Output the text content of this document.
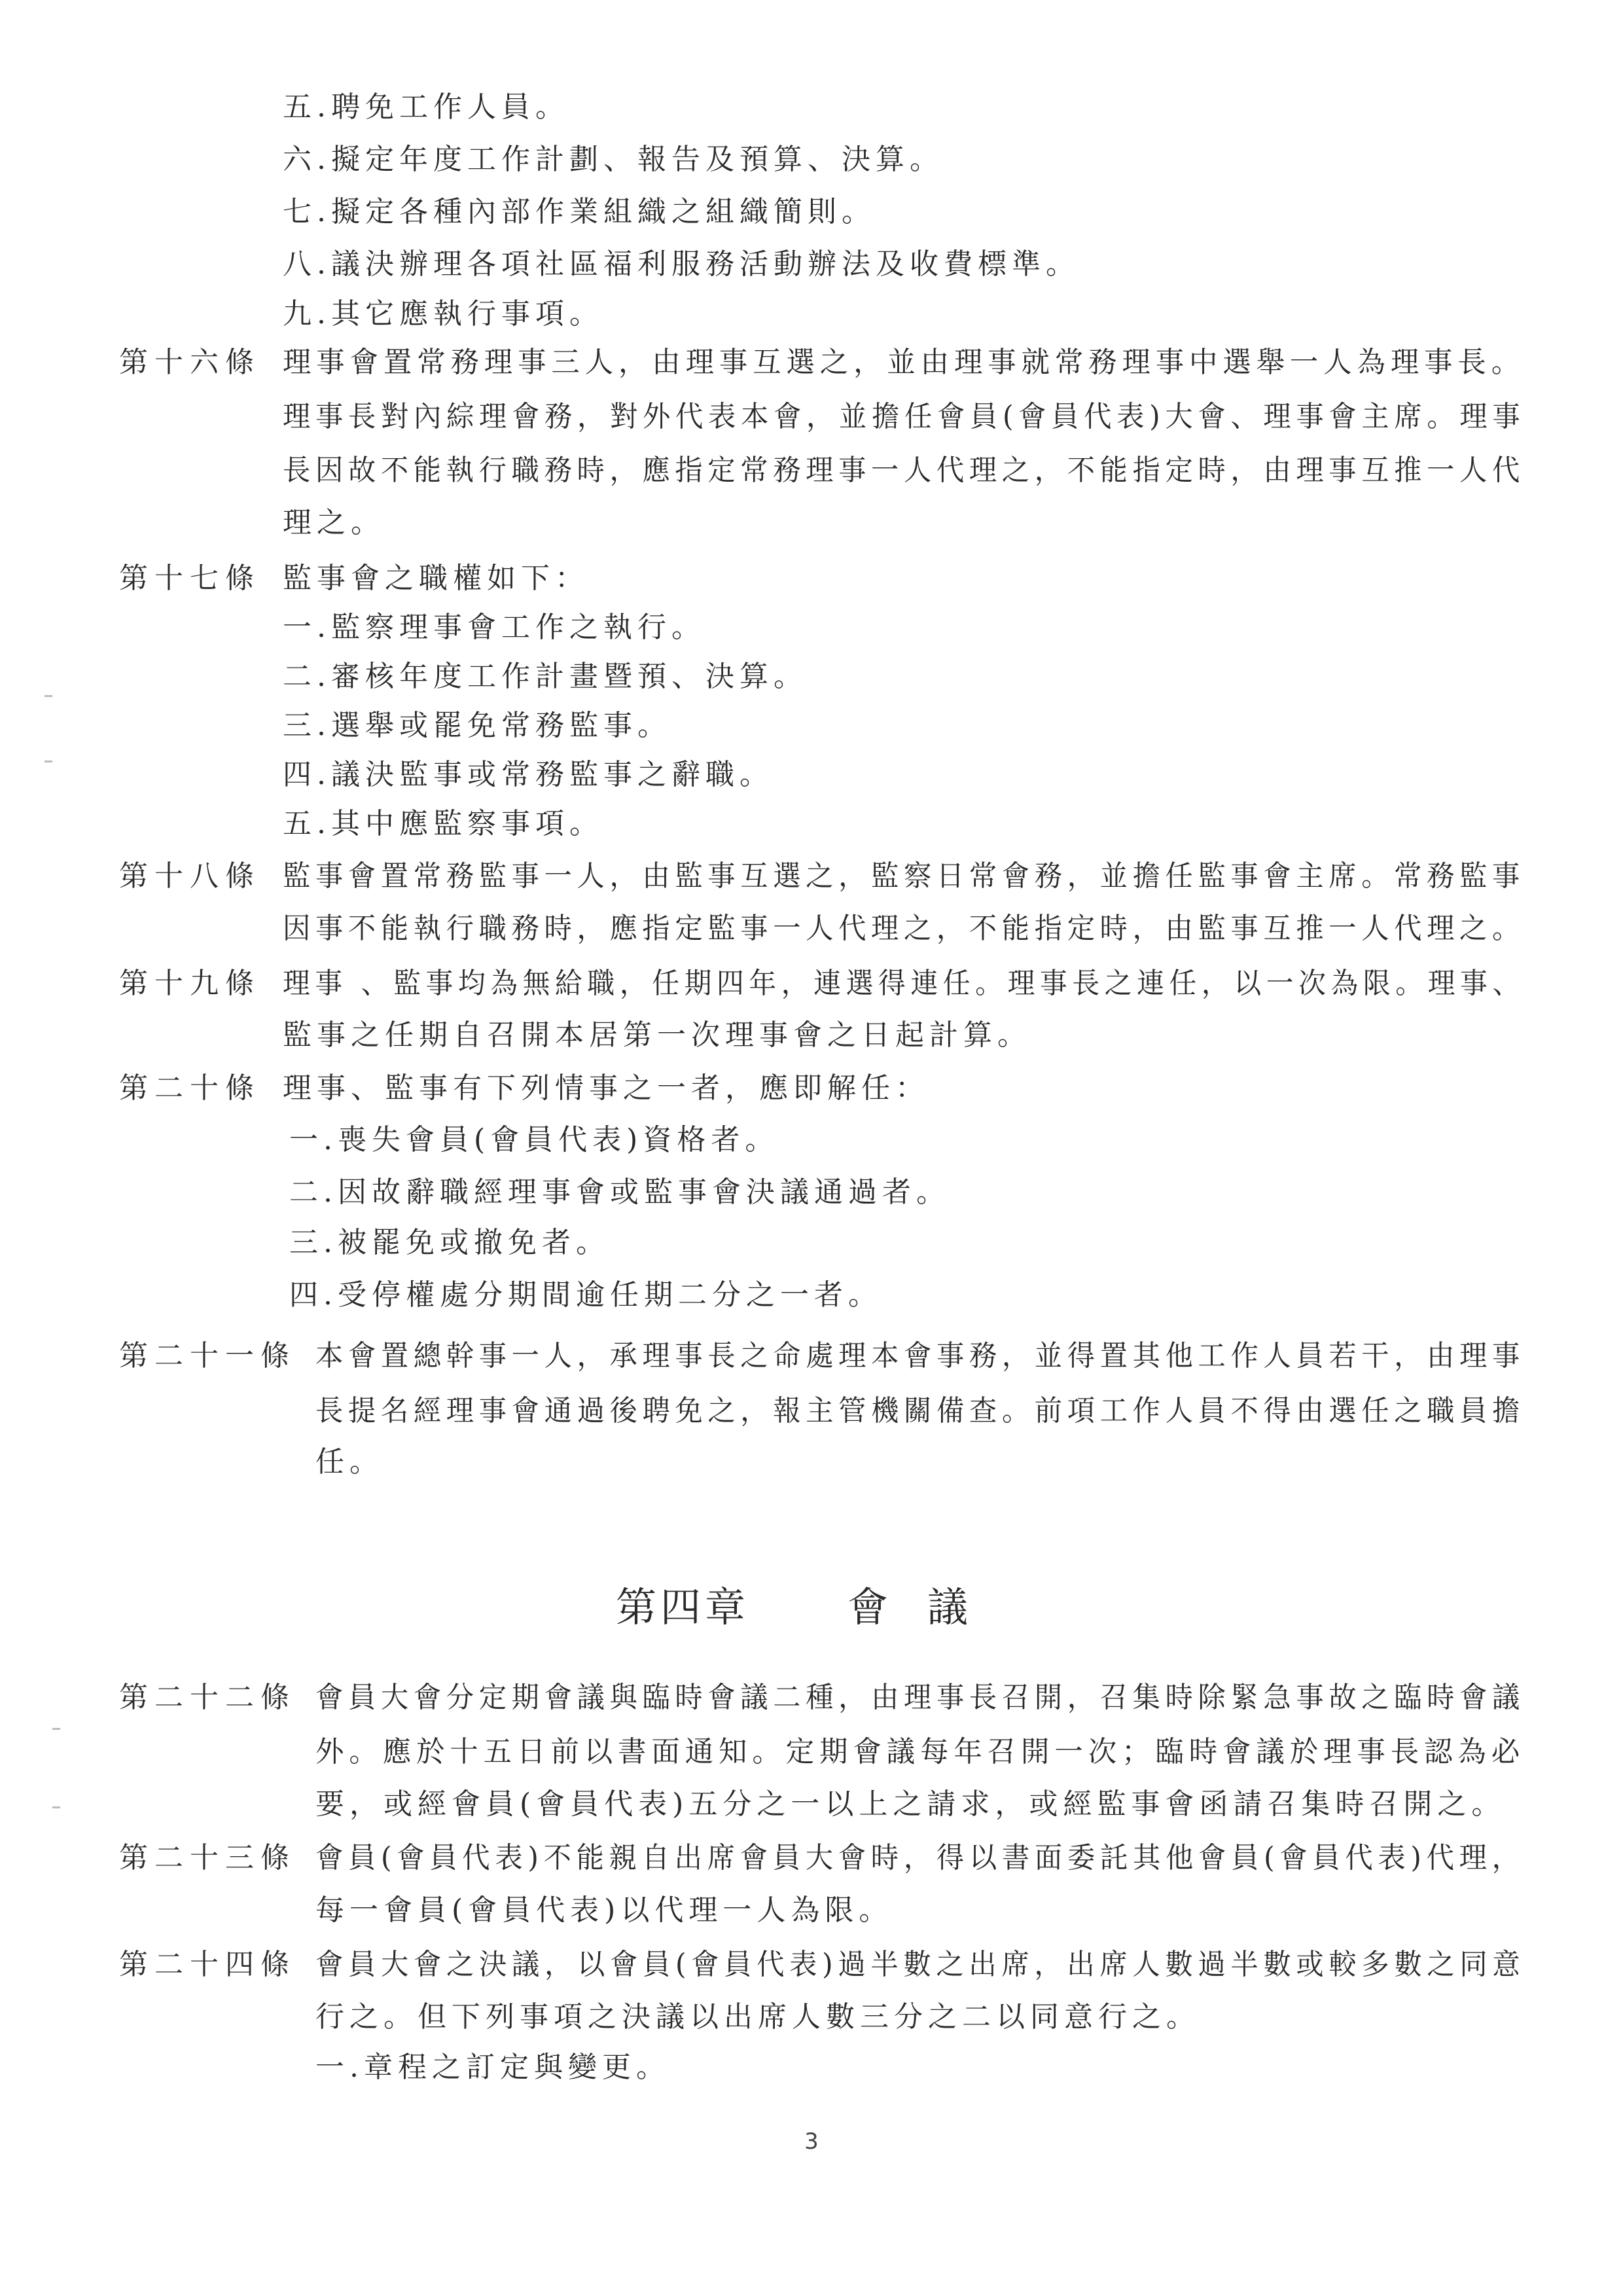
五.聘免工作人員。
六.擬定年度工作計劃、報告及預算、決算。
七.擬定各種內部作業組織之組織簡則。
八.議決辦理各項社區福利服務活動辦法及收費標準。
九.其它應執行事項。
第十六條 理事會置常務理事三人，由理事互選之，並由理事就常務理事中選舉一人為理事長。
理事長對內綜理會務，對外代表本會，並擔任會員(會員代表)大會、理事會主席。理事
長因故不能執行職務時，應指定常務理事一人代理之，不能指定時，由理事互推一人代
理之。
第十七條 監事會之職權如下：
一.監察理事會工作之執行。
二.審核年度工作計畫暨預、決算。
三.選舉或罷免常務監事。
四.議決監事或常務監事之辭職。
五.其中應監察事項。
第十八條 監事會置常務監事一人，由監事互選之，監察日常會務，並擔任監事會主席。常務監事
因事不能執行職務時，應指定監事一人代理之，不能指定時，由監事互推一人代理之。
第十九條 理事 、監事均為無給職，任期四年，連選得連任。理事長之連任，以一次為限。理事、
監事之任期自召開本居第一次理事會之日起計算。
第二十條 理事、監事有下列情事之一者，應即解任：
一.喪失會員(會員代表)資格者。
二.因故辭職經理事會或監事會決議通過者。
三.被罷免或撤免者。
四.受停權處分期間逾任期二分之一者。
第二十一條 本會置總幹事一人，承理事長之命處理本會事務，並得置其他工作人員若干，由理事
長提名經理事會通過後聘免之，報主管機關備查。前項工作人員不得由選任之職員擔
任。
第四章 會議
第二十二條 會員大會分定期會議與臨時會議二種，由理事長召開，召集時除緊急事故之臨時會議
外。應於十五日前以書面通知。定期會議每年召開一次；臨時會議於理事長認為必
要，或經會員(會員代表)五分之一以上之請求，或經監事會函請召集時召開之。
第二十三條 會員(會員代表)不能親自出席會員大會時，得以書面委託其他會員(會員代表)代理，
每一會員(會員代表)以代理一人為限。
第二十四條 會員大會之決議，以會員(會員代表)過半數之出席，出席人數過半數或較多數之同意
行之。但下列事項之決議以出席人數三分之二以同意行之。
一.章程之訂定與變更。
3
